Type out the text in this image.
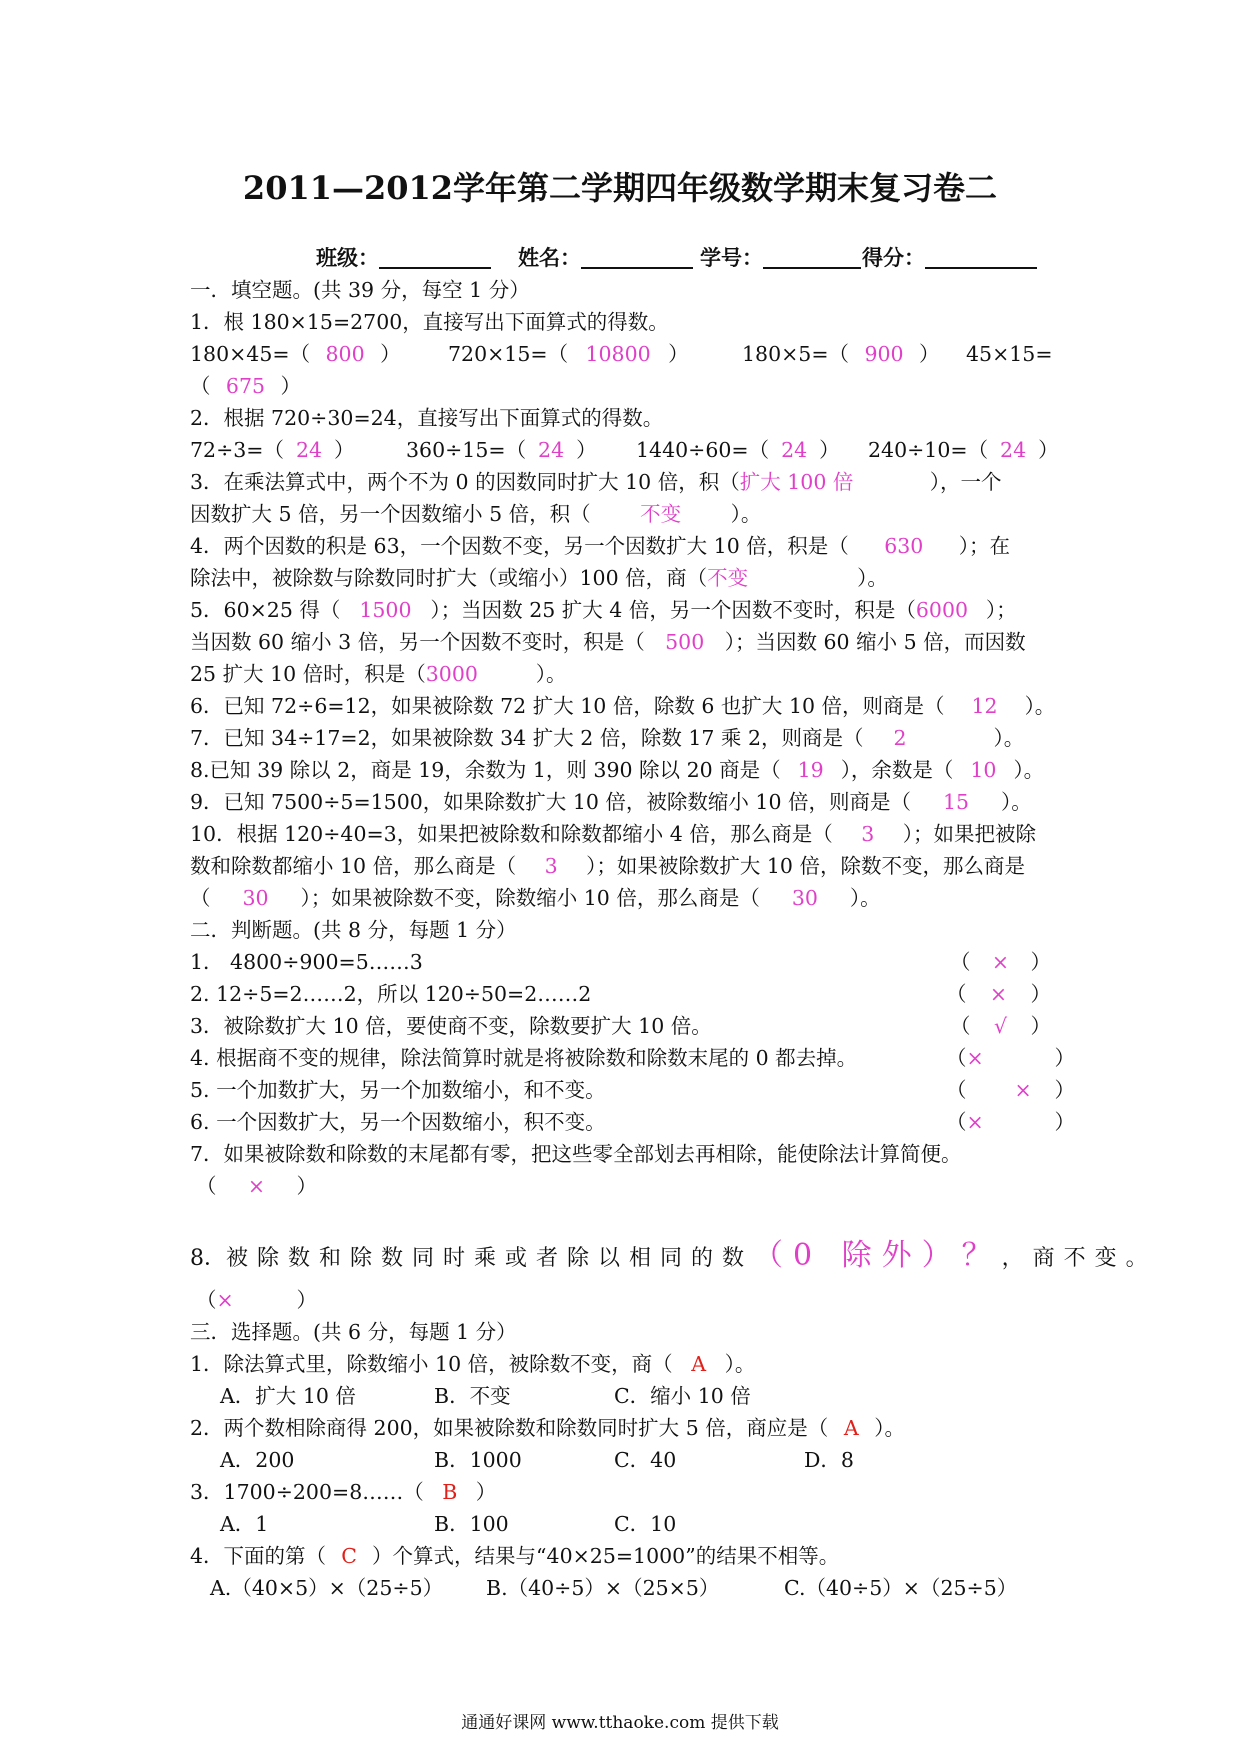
2011—2012学年第二学期四年级数学期末复习卷二
班级：	姓名：	学号：	得分：
一．填空题。(共 39 分，每空 1 分）
1．根 180×15=2700，直接写出下面算式的得数。
180×45=（ 800 ） 720×15=（ 10800 ）	180×5=（ 900 ） 45×15=
（ 675 ）
2．根据 720÷30=24，直接写出下面算式的得数。
72÷3=（ 24 ）	360÷15=（ 24 ） 1440÷60=（ 24 ） 240÷10=（ 24 ）
3．在乘法算式中，两个不为 0 的因数同时扩大 10 倍，积（扩大 100 倍	），一个
因数扩大 5 倍，另一个因数缩小 5 倍，积（ 不变 ）。
4．两个因数的积是 63，一个因数不变，另一个因数扩大 10 倍，积是（ 630 ）；在
除法中，被除数与除数同时扩大（或缩小）100 倍，商（不变	）。
5．60×25 得（ 1500 ）；当因数 25 扩大 4 倍，另一个因数不变时，积是（6000 ）；
当因数 60 缩小 3 倍，另一个因数不变时，积是（ 500 ）；当因数 60 缩小 5 倍，而因数
25 扩大 10 倍时，积是（3000	）。
6．已知 72÷6=12，如果被除数 72 扩大 10 倍，除数 6 也扩大 10 倍，则商是（ 12 ）。
7．已知 34÷17=2，如果被除数 34 扩大 2 倍，除数 17 乘 2，则商是（ 2	）。
8.已知 39 除以 2，商是 19，余数为 1，则 390 除以 20 商是（ 19 ），余数是（ 10 ）。
9．已知 7500÷5=1500，如果除数扩大 10 倍，被除数缩小 10 倍，则商是（ 15 ）。
10．根据 120÷40=3，如果把被除数和除数都缩小 4 倍，那么商是（ 3 ）；如果把被除
数和除数都缩小 10 倍，那么商是（ 3 ）；如果被除数扩大 10 倍，除数不变，那么商是
（ 30 ）；如果被除数不变，除数缩小 10 倍，那么商是（ 30 ）。
二．判断题。(共 8 分，每题 1 分）
1． 4800÷900=5……3	（ × ）
2. 12÷5=2……2，所以 120÷50=2……2	（ × ）
3．被除数扩大 10 倍，要使商不变，除数要扩大 10 倍。	（ √ ）
4. 根据商不变的规律，除法简算时就是将被除数和除数末尾的 0 都去掉。	（×	）
5. 一个加数扩大，另一个加数缩小，和不变。	（ × ）
6. 一个因数扩大，另一个因数缩小，积不变。	（×	）
7．如果被除数和除数的末尾都有零，把这些零全部划去再相除，能使除法计算简便。
（ × ）
8． 被除数和除数同时乘或者除以相同的数 （0 除外）？ ，商不变。
（×	）
三．选择题。(共 6 分，每题 1 分）
1．除法算式里，除数缩小 10 倍，被除数不变，商（ A ）。
A．扩大 10 倍	B．不变	C．缩小 10 倍
2．两个数相除商得 200，如果被除数和除数同时扩大 5 倍，商应是（ A ）。
A．200	B．1000	C．40	D．8
3．1700÷200=8……（ B ）
A．1	B．100	C．10
4．下面的第（ C ）个算式，结果与“40×25=1000”的结果不相等。
A.（40×5）×（25÷5） B.（40÷5）×（25×5）	C.（40÷5）×（25÷5）
通通好课网 www.tthaoke.com 提供下载
